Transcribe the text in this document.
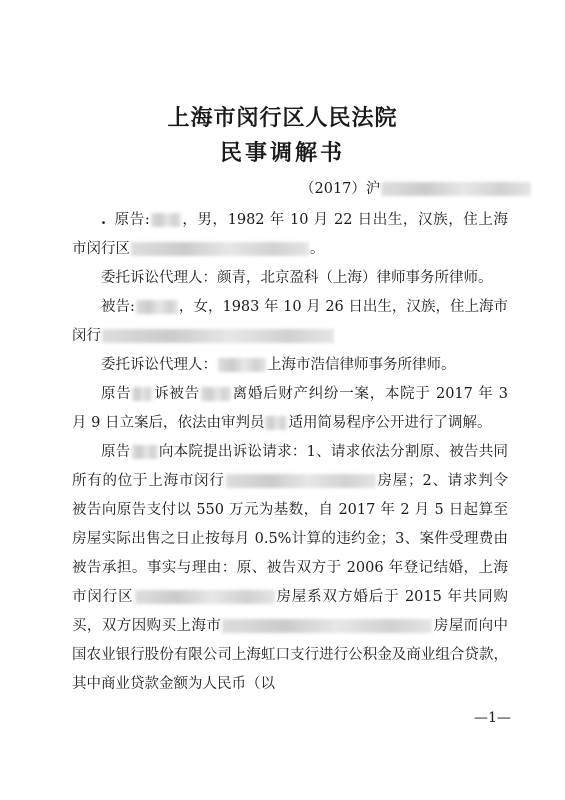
上海市闵行区人民法院
民事调解书
（2017）沪

. 原告: ，男，1982 年 10 月 22 日出生，汉族，住上海市闵行区	。

委托诉讼代理人：颜青，北京盈科（上海）律师事务所律师。

被告:	，女，1983 年 10 月 26 日出生，汉族，住上海市闵行

委托诉讼代理人：	上海市浩信律师事务所律师。

原告 诉被告 离婚后财产纠纷一案，本院于 2017 年 3 月 9 日立案后，依法由审判员 适用简易程序公开进行了调解。

原告 向本院提出诉讼请求：1、请求依法分割原、被告共同所有的位于上海市闵行	房屋；2、请求判令被告向原告支付以 550 万元为基数，自 2017 年 2 月 5 日起算至房屋实际出售之日止按每月 0.5%计算的违约金；3、案件受理费由被告承担。事实与理由：原、被告双方于 2006 年登记结婚，上海市闵行区	房屋系双方婚后于 2015 年共同购买，双方因购买上海市	房屋而向中国农业银行股份有限公司上海虹口支行进行公积金及商业组合贷款，其中商业贷款金额为人民币（以

—1—
